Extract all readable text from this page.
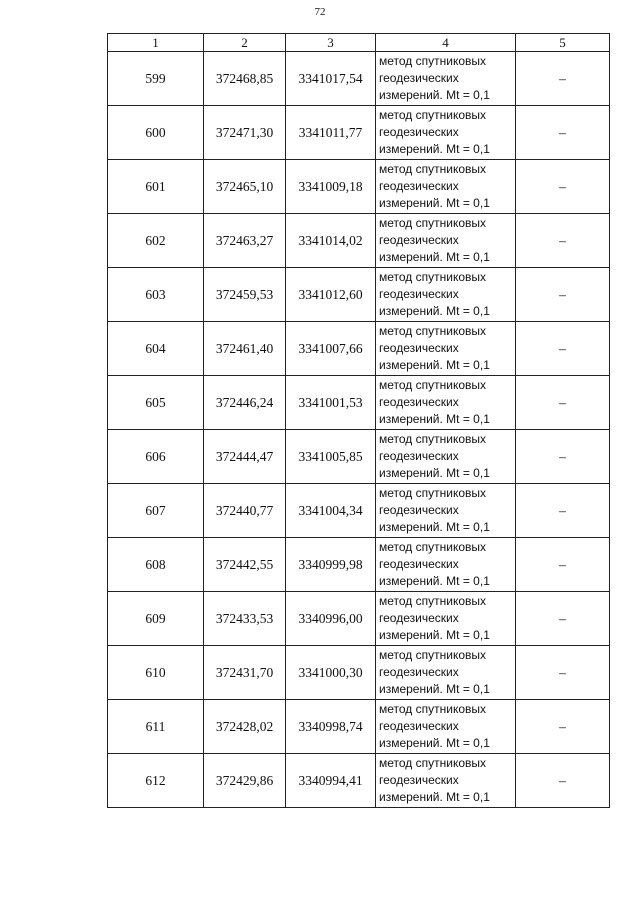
72
1	2	3	4	5
599	372468,85	3341017,54	метод спутниковых
геодезических
измерений. Mt = 0,1	–
600	372471,30	3341011,77	метод спутниковых
геодезических
измерений. Mt = 0,1	–
601	372465,10	3341009,18	метод спутниковых
геодезических
измерений. Mt = 0,1	–
602	372463,27	3341014,02	метод спутниковых
геодезических
измерений. Mt = 0,1	–
603	372459,53	3341012,60	метод спутниковых
геодезических
измерений. Mt = 0,1	–
604	372461,40	3341007,66	метод спутниковых
геодезических
измерений. Mt = 0,1	–
605	372446,24	3341001,53	метод спутниковых
геодезических
измерений. Mt = 0,1	–
606	372444,47	3341005,85	метод спутниковых
геодезических
измерений. Mt = 0,1	–
607	372440,77	3341004,34	метод спутниковых
геодезических
измерений. Mt = 0,1	–
608	372442,55	3340999,98	метод спутниковых
геодезических
измерений. Mt = 0,1	–
609	372433,53	3340996,00	метод спутниковых
геодезических
измерений. Mt = 0,1	–
610	372431,70	3341000,30	метод спутниковых
геодезических
измерений. Mt = 0,1	–
611	372428,02	3340998,74	метод спутниковых
геодезических
измерений. Mt = 0,1	–
612	372429,86	3340994,41	метод спутниковых
геодезических
измерений. Mt = 0,1	–
